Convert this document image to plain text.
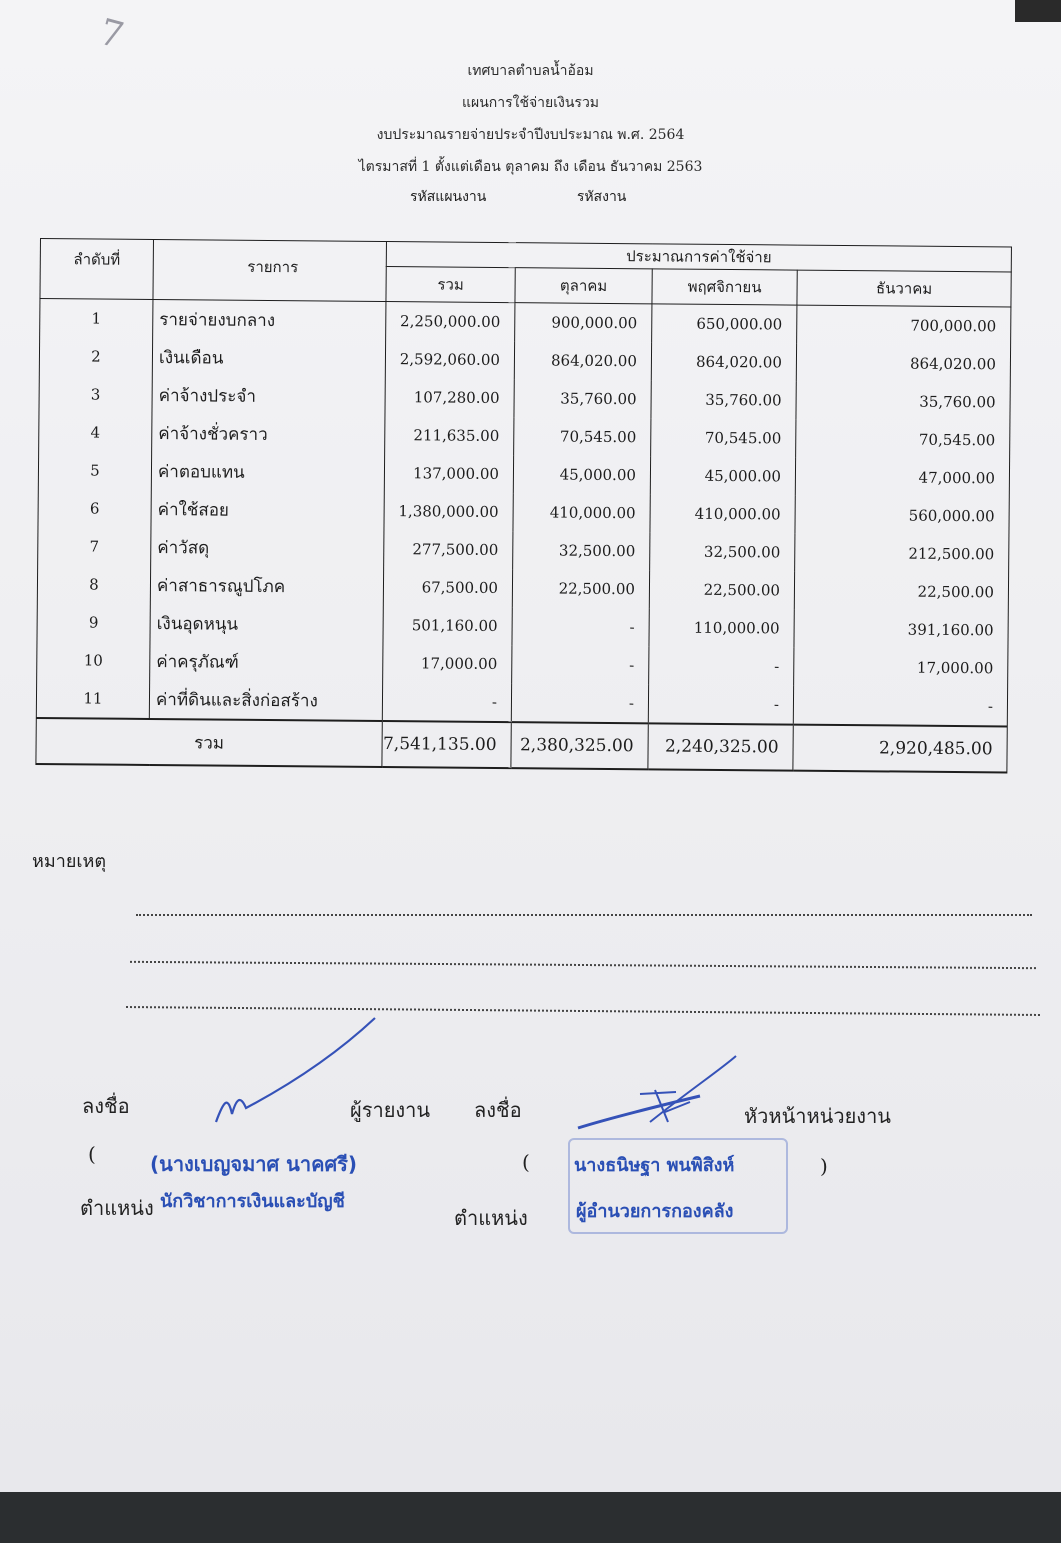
7
เทศบาลตำบลน้ำอ้อม
แผนการใช้จ่ายเงินรวม
งบประมาณรายจ่ายประจำปีงบประมาณ พ.ศ. 2564
ไตรมาสที่ 1 ตั้งแต่เดือน ตุลาคม ถึง เดือน ธันวาคม 2563
รหัสแผนงาน	รหัสงาน
ลำดับที่	รายการ	ประมาณการค่าใช้จ่าย			
		รวม	ตุลาคม	พฤศจิกายน	ธันวาคม
1	รายจ่ายงบกลาง	2,250,000.00	900,000.00	650,000.00	700,000.00
2	เงินเดือน	2,592,060.00	864,020.00	864,020.00	864,020.00
3	ค่าจ้างประจำ	107,280.00	35,760.00	35,760.00	35,760.00
4	ค่าจ้างชั่วคราว	211,635.00	70,545.00	70,545.00	70,545.00
5	ค่าตอบแทน	137,000.00	45,000.00	45,000.00	47,000.00
6	ค่าใช้สอย	1,380,000.00	410,000.00	410,000.00	560,000.00
7	ค่าวัสดุ	277,500.00	32,500.00	32,500.00	212,500.00
8	ค่าสาธารณูปโภค	67,500.00	22,500.00	22,500.00	22,500.00
9	เงินอุดหนุน	501,160.00	-	110,000.00	391,160.00
10	ค่าครุภัณฑ์	17,000.00	-	-	17,000.00
11	ค่าที่ดินและสิ่งก่อสร้าง	-	-	-	-
รวม		7,541,135.00	2,380,325.00	2,240,325.00	2,920,485.00
หมายเหตุ
ลงชื่อ	ผู้รายงาน ลงชื่อ	หัวหน้าหน่วยงาน
(	(นางเบญจมาศ นาคศรี)	( นางธนิษฐา พนพิสิงห์	)
ตำแหน่ง นักวิชาการเงินและบัญชี
ตำแหน่ง	ผู้อำนวยการกองคลัง
